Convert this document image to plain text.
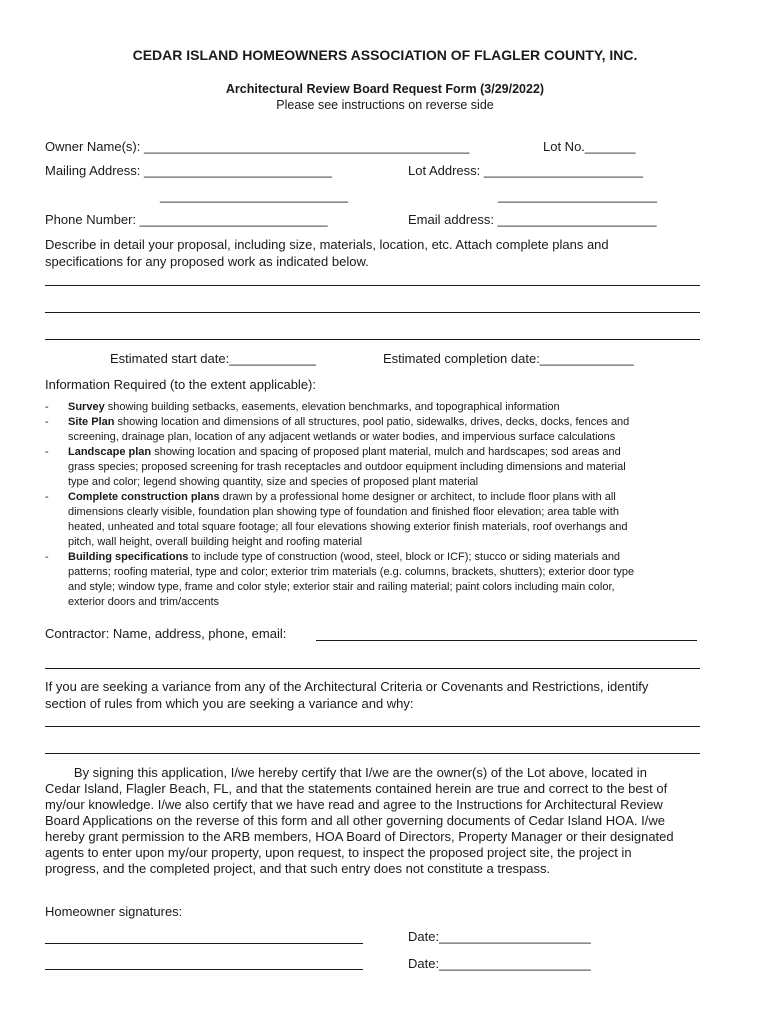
CEDAR ISLAND HOMEOWNERS ASSOCIATION OF FLAGLER COUNTY, INC.
Architectural Review Board Request Form (3/29/2022)
Please see instructions on reverse side
Owner Name(s): _____________________________________________	Lot No._______
Mailing Address: __________________________	Lot Address: ______________________
__________________________	______________________
Phone Number: __________________________	Email address: ______________________
Describe in detail your proposal, including size, materials, location, etc. Attach complete plans and
specifications for any proposed work as indicated below.
Estimated start date:____________	Estimated completion date:_____________
Information Required (to the extent applicable):
-	Survey showing building setbacks, easements, elevation benchmarks, and topographical information
-	Site Plan showing location and dimensions of all structures, pool patio, sidewalks, drives, decks, docks, fences and
screening, drainage plan, location of any adjacent wetlands or water bodies, and impervious surface calculations
-	Landscape plan showing location and spacing of proposed plant material, mulch and hardscapes; sod areas and
grass species; proposed screening for trash receptacles and outdoor equipment including dimensions and material
type and color; legend showing quantity, size and species of proposed plant material
-	Complete construction plans drawn by a professional home designer or architect, to include floor plans with all
dimensions clearly visible, foundation plan showing type of foundation and finished floor elevation; area table with
heated, unheated and total square footage; all four elevations showing exterior finish materials, roof overhangs and
pitch, wall height, overall building height and roofing material
-	Building specifications to include type of construction (wood, steel, block or ICF); stucco or siding materials and
patterns; roofing material, type and color; exterior trim materials (e.g. columns, brackets, shutters); exterior door type
and style; window type, frame and color style; exterior stair and railing material; paint colors including main color,
exterior doors and trim/accents
Contractor: Name, address, phone, email:
If you are seeking a variance from any of the Architectural Criteria or Covenants and Restrictions, identify
section of rules from which you are seeking a variance and why:
By signing this application, I/we hereby certify that I/we are the owner(s) of the Lot above, located in
Cedar Island, Flagler Beach, FL, and that the statements contained herein are true and correct to the best of
my/our knowledge. I/we also certify that we have read and agree to the Instructions for Architectural Review
Board Applications on the reverse of this form and all other governing documents of Cedar Island HOA. I/we
hereby grant permission to the ARB members, HOA Board of Directors, Property Manager or their designated
agents to enter upon my/our property, upon request, to inspect the proposed project site, the project in
progress, and the completed project, and that such entry does not constitute a trespass.
Homeowner signatures:
Date:_____________________
Date:_____________________
